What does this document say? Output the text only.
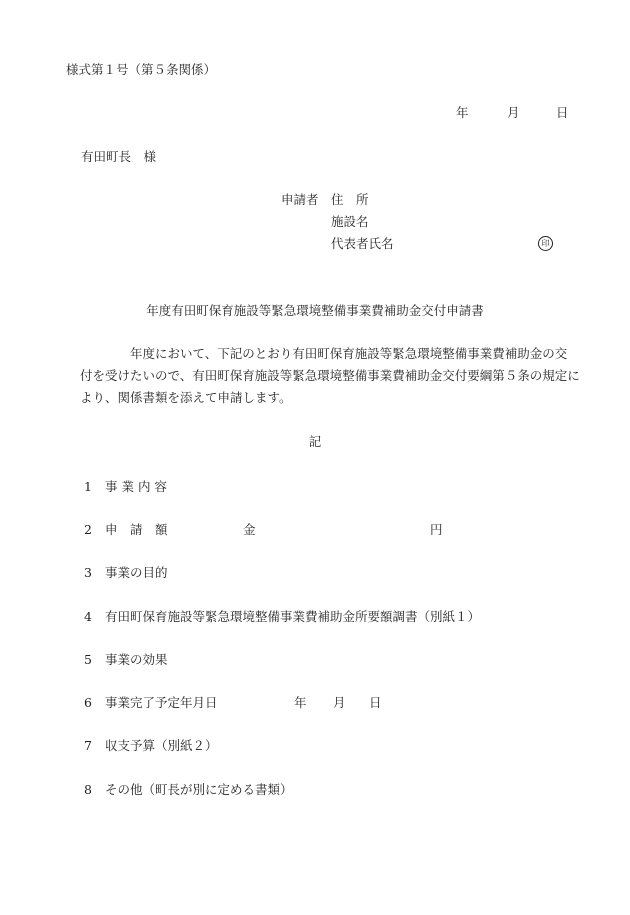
様式第１号（第５条関係）
年	月	日
有田町長　様
申請者 住　所
施設名
代表者氏名	印
年度有田町保育施設等緊急環境整備事業費補助金交付申請書
年度において、下記のとおり有田町保育施設等緊急環境整備事業費補助金の交
付を受けたいので、有田町保育施設等緊急環境整備事業費補助金交付要綱第５条の規定に
より、関係書類を添えて申請します。
記
1 事 業 内 容
2 申　請　額	金	円
3 事業の目的
4 有田町保育施設等緊急環境整備事業費補助金所要額調書（別紙１）
5 事業の効果
6 事業完了予定年月日	年 月 日
7 収支予算（別紙２）
8 その他（町長が別に定める書類）
